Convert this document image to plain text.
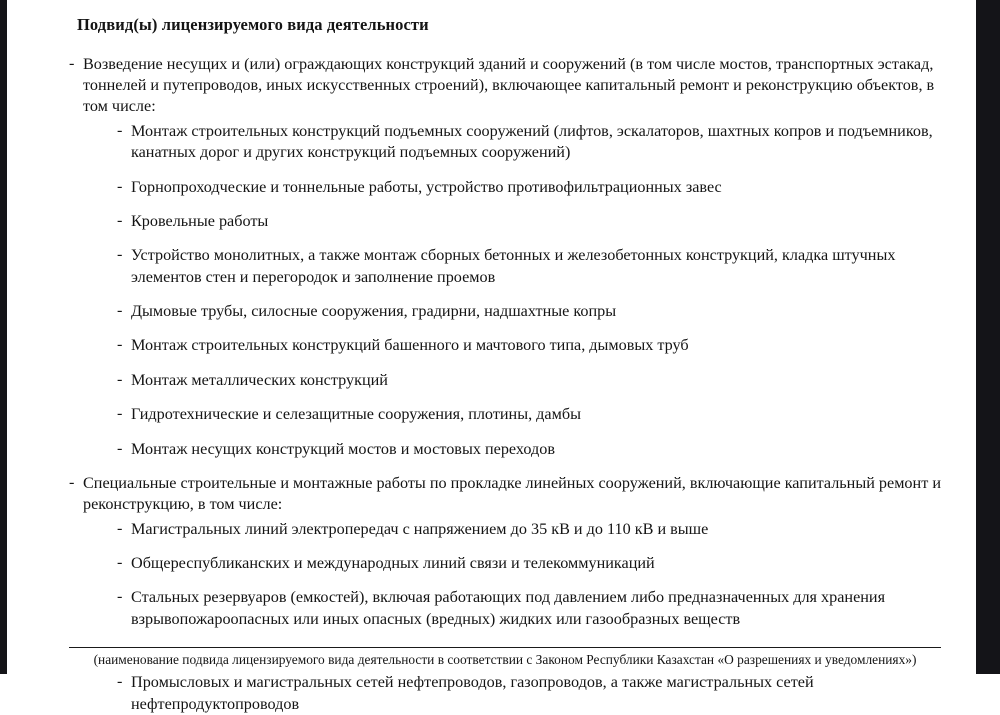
Подвид(ы) лицензируемого вида деятельности
- Возведение несущих и (или) ограждающих конструкций зданий и сооружений (в том числе мостов, транспортных эстакад, тоннелей и путепроводов, иных искусственных строений), включающее капитальный ремонт и реконструкцию объектов, в том числе:
- Монтаж строительных конструкций подъемных сооружений (лифтов, эскалаторов, шахтных копров и подъемников, канатных дорог и других конструкций подъемных сооружений)
- Горнопроходческие и тоннельные работы, устройство противофильтрационных завес
- Кровельные работы
- Устройство монолитных, а также монтаж сборных бетонных и железобетонных конструкций, кладка штучных элементов стен и перегородок и заполнение проемов
- Дымовые трубы, силосные сооружения, градирни, надшахтные копры
- Монтаж строительных конструкций башенного и мачтового типа, дымовых труб
- Монтаж металлических конструкций
- Гидротехнические и селезащитные сооружения, плотины, дамбы
- Монтаж несущих конструкций мостов и мостовых переходов
- Специальные строительные и монтажные работы по прокладке линейных сооружений, включающие капитальный ремонт и реконструкцию, в том числе:
- Магистральных линий электропередач с напряжением до 35 кВ и до 110 кВ и выше
- Общереспубликанских и международных линий связи и телекоммуникаций
- Стальных резервуаров (емкостей), включая работающих под давлением либо предназначенных для хранения взрывопожароопасных или иных опасных (вредных) жидких или газообразных веществ
- Промысловых и магистральных сетей нефтепроводов, газопроводов, а также магистральных сетей нефтепродуктопроводов

(наименование подвида лицензируемого вида деятельности в соответствии с Законом Республики Казахстан «О разрешениях и уведомлениях»)
